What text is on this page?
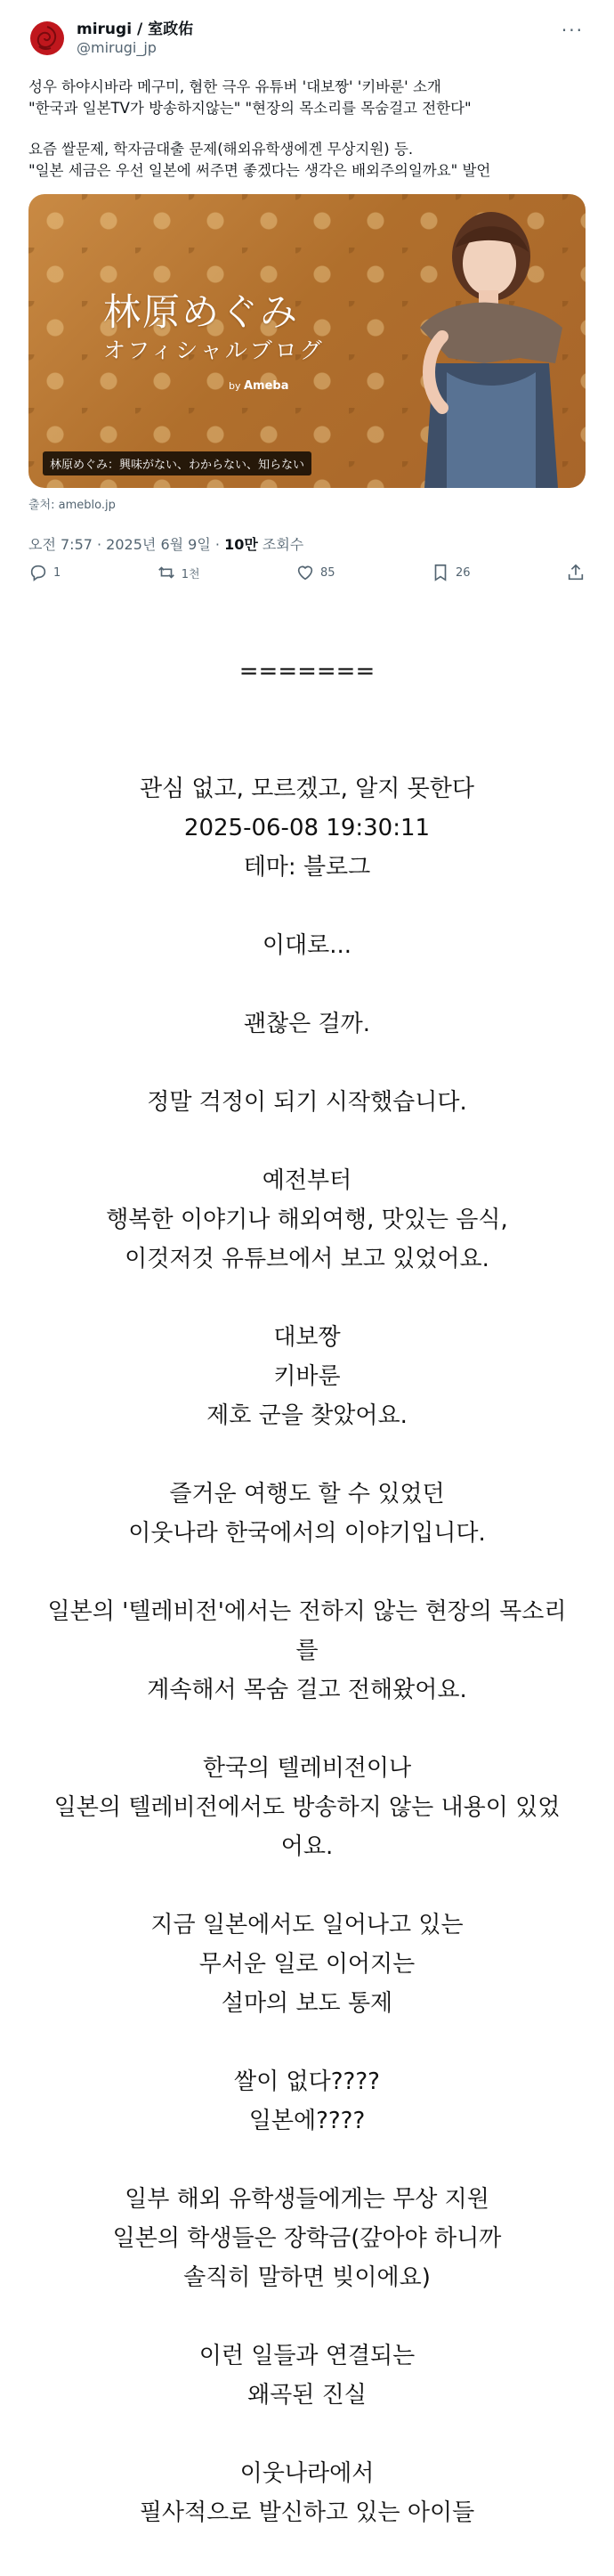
mirugi / 室政佑
@mirugi_jp
···

성우 하야시바라 메구미, 혐한 극우 유튜버 '대보짱' '키바룬' 소개

"한국과 일본TV가 방송하지않는" "현장의 목소리를 목숨걸고 전한다"

요즘 쌀문제, 학자금대출 문제(해외유학생에겐 무상지원) 등.

"일본 세금은 우선 일본에 써주면 좋겠다는 생각은 배외주의일까요" 발언

林原めぐみ
オフィシャルブログ
by Ameba
林原めぐみ：興味がない、わからない、知らない
출처: ameblo.jp
오전 7:57 · 2025년 6월 9일 · 10만 조회수
1	1천	85	26
=======
관심 없고, 모르겠고, 알지 못한다
2025-06-08 19:30:11
테마: 블로그
이대로...
괜찮은 걸까.
정말 걱정이 되기 시작했습니다.
예전부터
행복한 이야기나 해외여행, 맛있는 음식,
이것저것 유튜브에서 보고 있었어요.
대보짱
키바룬
제호 군을 찾았어요.
즐거운 여행도 할 수 있었던
이웃나라 한국에서의 이야기입니다.
일본의 '텔레비전'에서는 전하지 않는 현장의 목소리
를
계속해서 목숨 걸고 전해왔어요.
한국의 텔레비전이나
일본의 텔레비전에서도 방송하지 않는 내용이 있었
어요.
지금 일본에서도 일어나고 있는
무서운 일로 이어지는
설마의 보도 통제
쌀이 없다????
일본에????
일부 해외 유학생들에게는 무상 지원
일본의 학생들은 장학금(갚아야 하니까
솔직히 말하면 빚이에요)
이런 일들과 연결되는
왜곡된 진실
이웃나라에서
필사적으로 발신하고 있는 아이들
